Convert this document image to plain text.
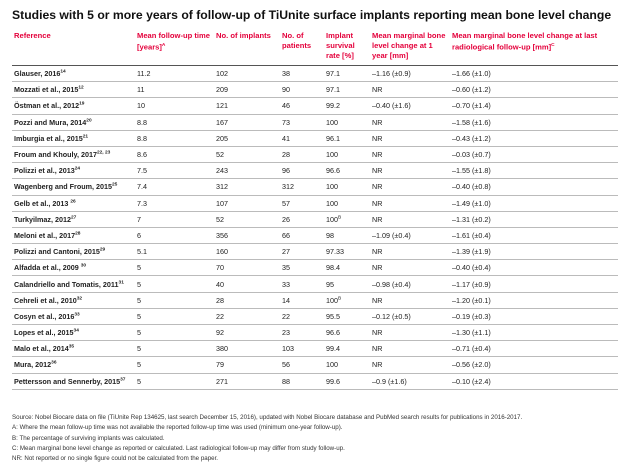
Studies with 5 or more years of follow-up of TiUnite surface implants reporting mean bone level change
Reference	Mean follow-up time [years]$^A$	No. of implants	No. of patients	Implant survival rate [%]	Mean marginal bone level change at 1 year [mm]	Mean marginal bone level change at last radiological follow-up [mm]$^C$
Glauser, 2016$^{14}$	11.2	102	38	97.1	–1.16 (±0.9)	–1.66 (±1.0)
Mozzati et al., 2015$^{12}$	11	209	90	97.1	NR	–0.60 (±1.2)
Östman et al., 2012$^{19}$	10	121	46	99.2	–0.40 (±1.6)	–0.70 (±1.4)
Pozzi and Mura, 2014$^{20}$	8.8	167	73	100	NR	–1.58 (±1.6)
Imburgia et al., 2015$^{21}$	8.8	205	41	96.1	NR	–0.43 (±1.2)
Froum and Khouly, 2017$^{22, 23}$	8.6	52	28	100	NR	–0.03 (±0.7)
Polizzi et al., 2013$^{24}$	7.5	243	96	96.6	NR	–1.55 (±1.8)
Wagenberg and Froum, 2015$^{25}$	7.4	312	312	100	NR	–0.40 (±0.8)
Gelb et al., 2013 $^{26}$	7.3	107	57	100	NR	–1.49 (±1.0)
Turkyilmaz, 2012$^{27}$	7	52	26	$100^B$	NR	–1.31 (±0.2)
Meloni et al., 2017$^{28}$	6	356	66	98	–1.09 (±0.4)	–1.61 (±0.4)
Polizzi and Cantoni, 2015$^{29}$	5.1	160	27	97.33	NR	–1.39 (±1.9)
Alfadda et al., 2009 $^{30}$	5	70	35	98.4	NR	–0.40 (±0.4)
Calandriello and Tomatis, 2011$^{31}$	5	40	33	95	–0.98 (±0.4)	–1.17 (±0.9)
Cehreli et al., 2010$^{32}$	5	28	14	$100^B$	NR	–1.20 (±0.1)
Cosyn et al., 2016$^{33}$	5	22	22	95.5	–0.12 (±0.5)	–0.19 (±0.3)
Lopes et al., 2015$^{34}$	5	92	23	96.6	NR	–1.30 (±1.1)
Malo et al., 2014$^{35}$	5	380	103	99.4	NR	–0.71 (±0.4)
Mura, 2012$^{36}$	5	79	56	100	NR	–0.56 (±2.0)
Pettersson and Sennerby, 2015$^{37}$	5	271	88	99.6	–0.9 (±1.6)	–0.10 (±2.4)
Source: Nobel Biocare data on file (TiUnite Rep 134625, last search December 15, 2016), updated with Nobel Biocare database and PubMed search results for publications in 2016-2017.
A: Where the mean follow-up time was not available the reported follow-up time was used (minimum one-year follow-up).
B: The percentage of surviving implants was calculated.
C: Mean marginal bone level change as reported or calculated. Last radiological follow-up may differ from study follow-up.
NR: Not reported or no single figure could not be calculated from the paper.
